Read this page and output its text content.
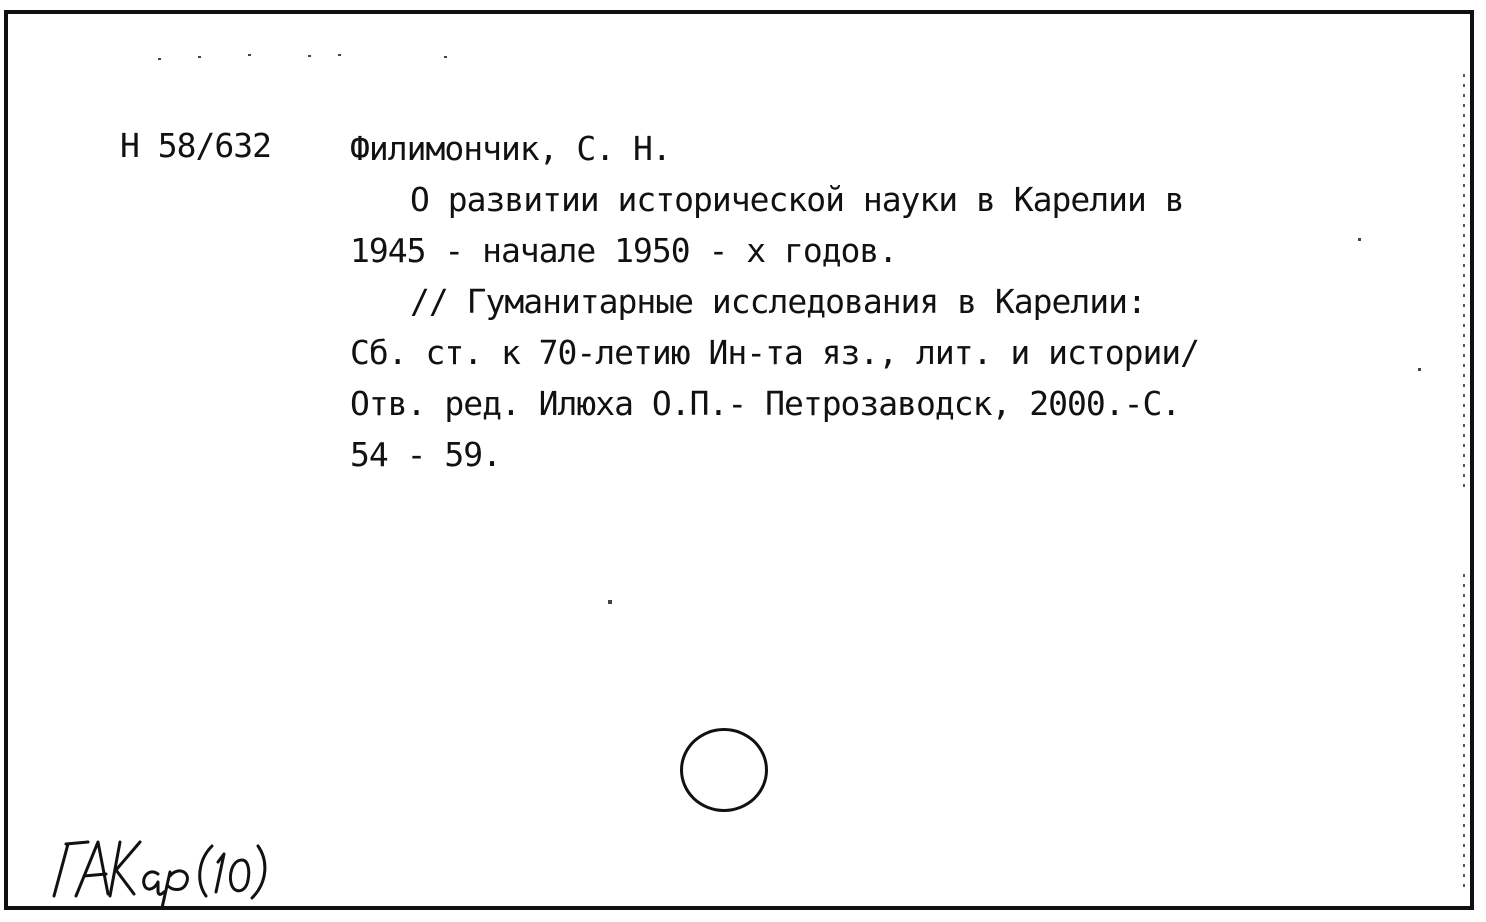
Н 58/632 Филимончик, С. Н.
О развитии исторической науки в Карелии в
1945 - начале 1950 - х годов.
// Гуманитарные исследования в Карелии:
Сб. ст. к 70-летию Ин-та яз., лит. и истории/
Отв. ред. Илюха О.П.- Петрозаводск, 2000.-С.
54 - 59.
